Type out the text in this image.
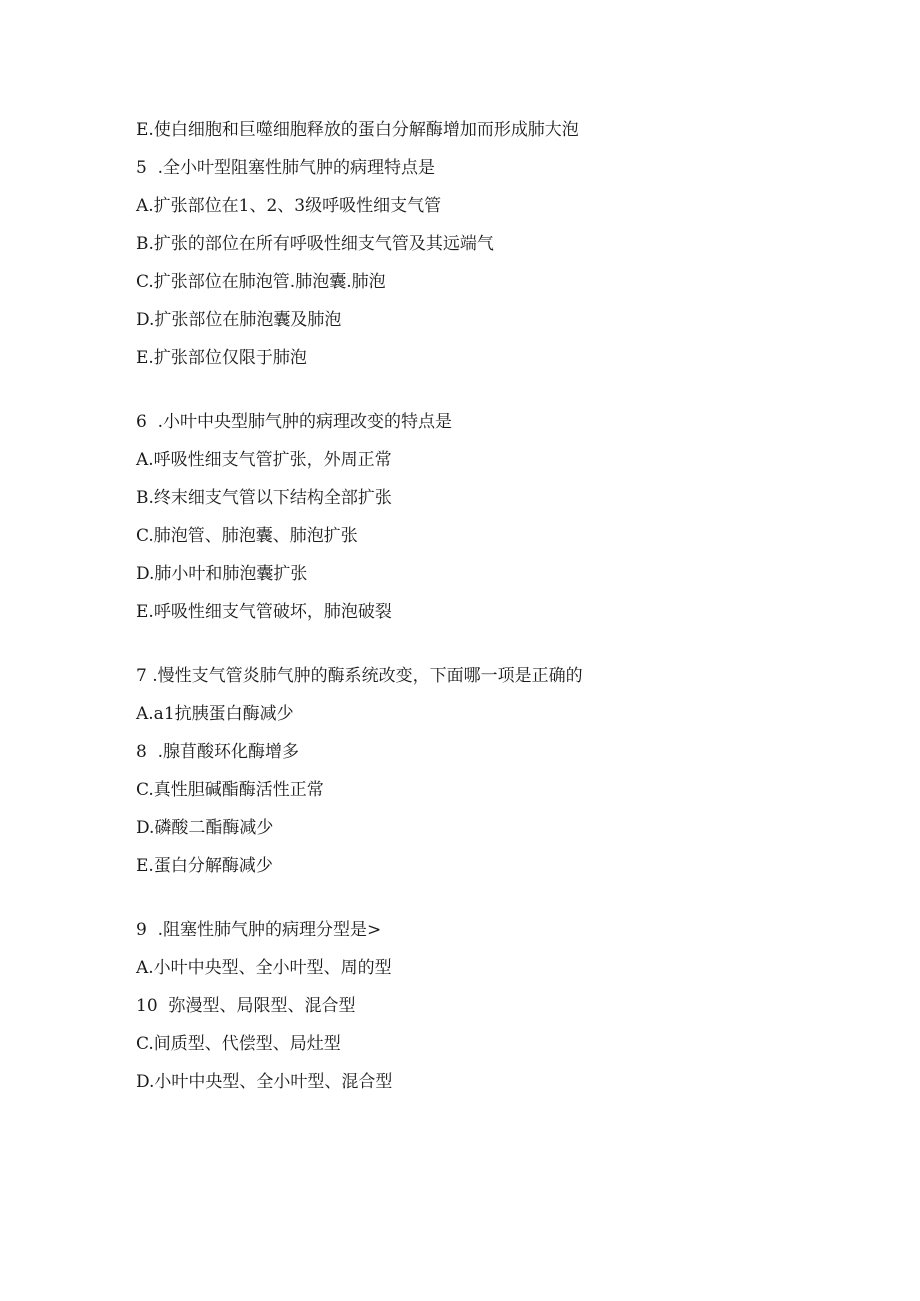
E.使白细胞和巨噬细胞释放的蛋白分解酶增加而形成肺大泡

5  .全小叶型阻塞性肺气肿的病理特点是

A.扩张部位在1、2、3级呼吸性细支气管

B.扩张的部位在所有呼吸性细支气管及其远端气

C.扩张部位在肺泡管.肺泡囊.肺泡

D.扩张部位在肺泡囊及肺泡

E.扩张部位仅限于肺泡

6  .小叶中央型肺气肿的病理改变的特点是

A.呼吸性细支气管扩张，外周正常

B.终末细支气管以下结构全部扩张

C.肺泡管、肺泡囊、肺泡扩张

D.肺小叶和肺泡囊扩张

E.呼吸性细支气管破坏，肺泡破裂

7 .慢性支气管炎肺气肿的酶系统改变，下面哪一项是正确的

A.a1抗胰蛋白酶减少

8  .腺苜酸环化酶增多

C.真性胆碱酯酶活性正常

D.磷酸二酯酶减少

E.蛋白分解酶减少

9  .阻塞性肺气肿的病理分型是>

A.小叶中央型、全小叶型、周的型

10  弥漫型、局限型、混合型

C.间质型、代偿型、局灶型

D.小叶中央型、全小叶型、混合型
